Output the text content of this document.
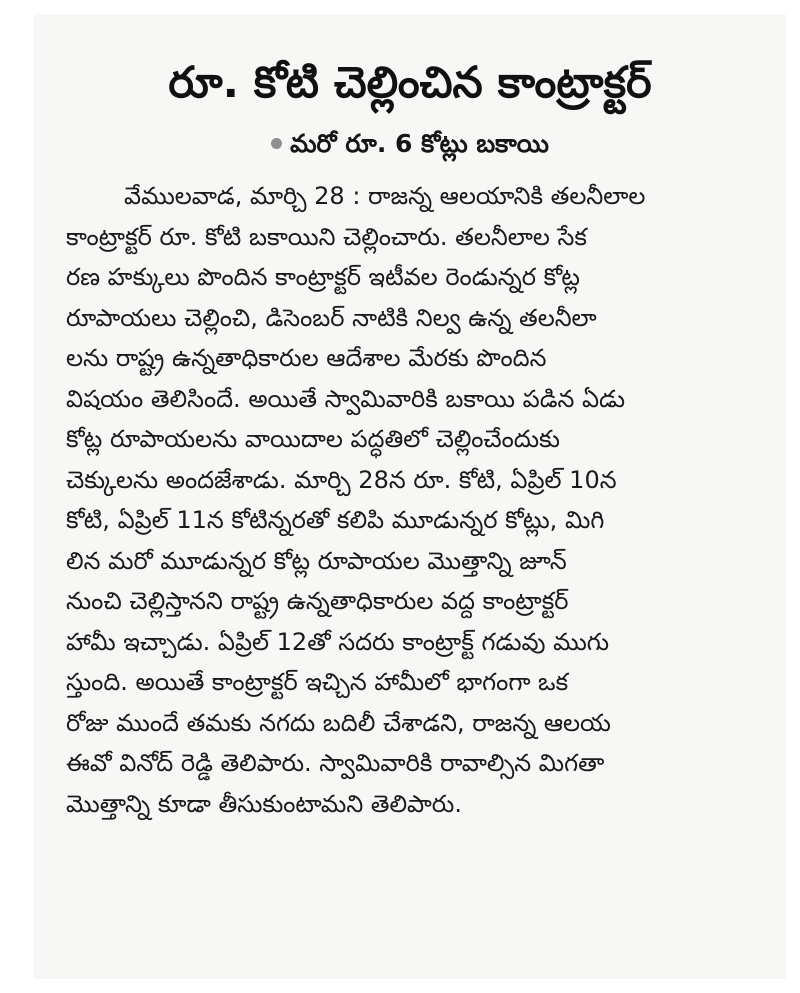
రూ. కోటి చెల్లించిన కాంట్రాక్టర్
మరో రూ. 6 కోట్లు బకాయి
వేములవాడ, మార్చి 28 : రాజన్న ఆలయానికి తలనీలాల
కాంట్రాక్టర్ రూ. కోటి బకాయిని చెల్లించారు. తలనీలాల సేక
రణ హక్కులు పొందిన కాంట్రాక్టర్ ఇటీవల రెండున్నర కోట్ల
రూపాయలు చెల్లించి, డిసెంబర్ నాటికి నిల్వ ఉన్న తలనీలా
లను రాష్ట్ర ఉన్నతాధికారుల ఆదేశాల మేరకు పొందిన
విషయం తెలిసిందే. అయితే స్వామివారికి బకాయి పడిన ఏడు
కోట్ల రూపాయలను వాయిదాల పద్ధతిలో చెల్లించేందుకు
చెక్కులను అందజేశాడు. మార్చి 28న రూ. కోటి, ఏప్రిల్ 10న
కోటి, ఏప్రిల్ 11న కోటిన్నరతో కలిపి మూడున్నర కోట్లు, మిగి
లిన మరో మూడున్నర కోట్ల రూపాయల మొత్తాన్ని జూన్
నుంచి చెల్లిస్తానని రాష్ట్ర ఉన్నతాధికారుల వద్ద కాంట్రాక్టర్
హామీ ఇచ్చాడు. ఏప్రిల్ 12తో సదరు కాంట్రాక్ట్ గడువు ముగు
స్తుంది. అయితే కాంట్రాక్టర్ ఇచ్చిన హామీలో భాగంగా ఒక
రోజు ముందే తమకు నగదు బదిలీ చేశాడని, రాజన్న ఆలయ
ఈవో వినోద్ రెడ్డి తెలిపారు. స్వామివారికి రావాల్సిన మిగతా
మొత్తాన్ని కూడా తీసుకుంటామని తెలిపారు.
